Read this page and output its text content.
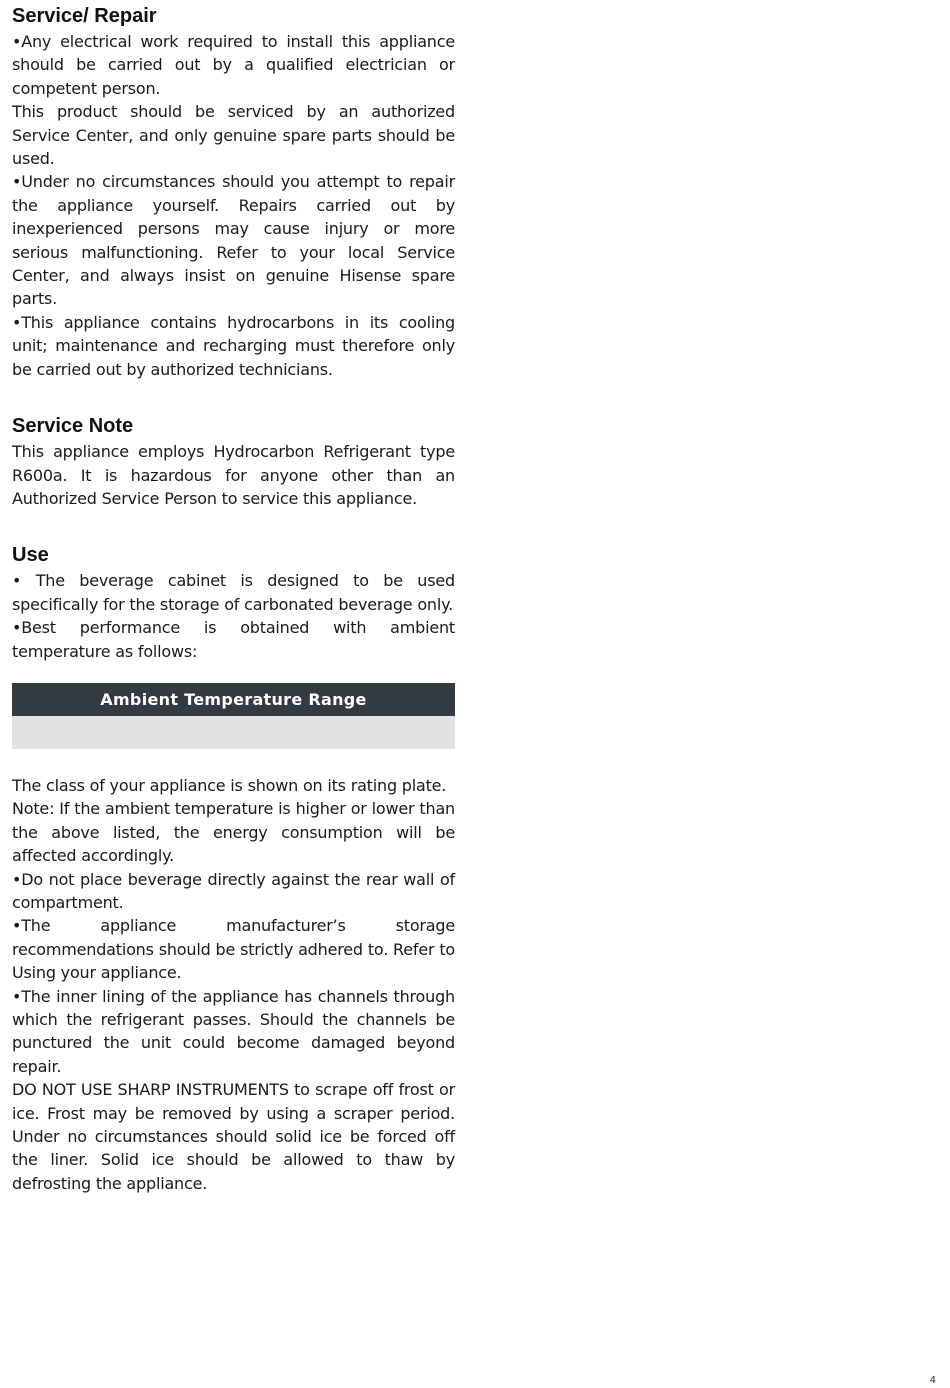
Service/ Repair

•Any electrical work required to install this appliance should be carried out by a qualified electrician or competent person.

This product should be serviced by an authorized Service Center, and only genuine spare parts should be used.

•Under no circumstances should you attempt to repair the appliance yourself. Repairs carried out by inexperienced persons may cause injury or more serious malfunctioning. Refer to your local Service Center, and always insist on genuine Hisense spare parts.

•This appliance contains hydrocarbons in its cooling unit; maintenance and recharging must therefore only be carried out by authorized technicians.

Service Note

This appliance employs Hydrocarbon Refrigerant type R600a. It is hazardous for anyone other than an Authorized Service Person to service this appliance.

Use

• The beverage cabinet is designed to be used specifically for the storage of carbonated beverage only.

•Best performance is obtained with ambient temperature as follows:

Ambient Temperature Range

The class of your appliance is shown on its rating plate.

Note: If the ambient temperature is higher or lower than the above listed, the energy consumption will be affected accordingly.

•Do not place beverage directly against the rear wall of compartment.

•The appliance manufacturer’s storage recommendations should be strictly adhered to. Refer to Using your appliance.

•The inner lining of the appliance has channels through which the refrigerant passes. Should the channels be punctured the unit could become damaged beyond repair.

DO NOT USE SHARP INSTRUMENTS to scrape off frost or ice. Frost may be removed by using a scraper period. Under no circumstances should solid ice be forced off the liner. Solid ice should be allowed to thaw by defrosting the appliance.

4
